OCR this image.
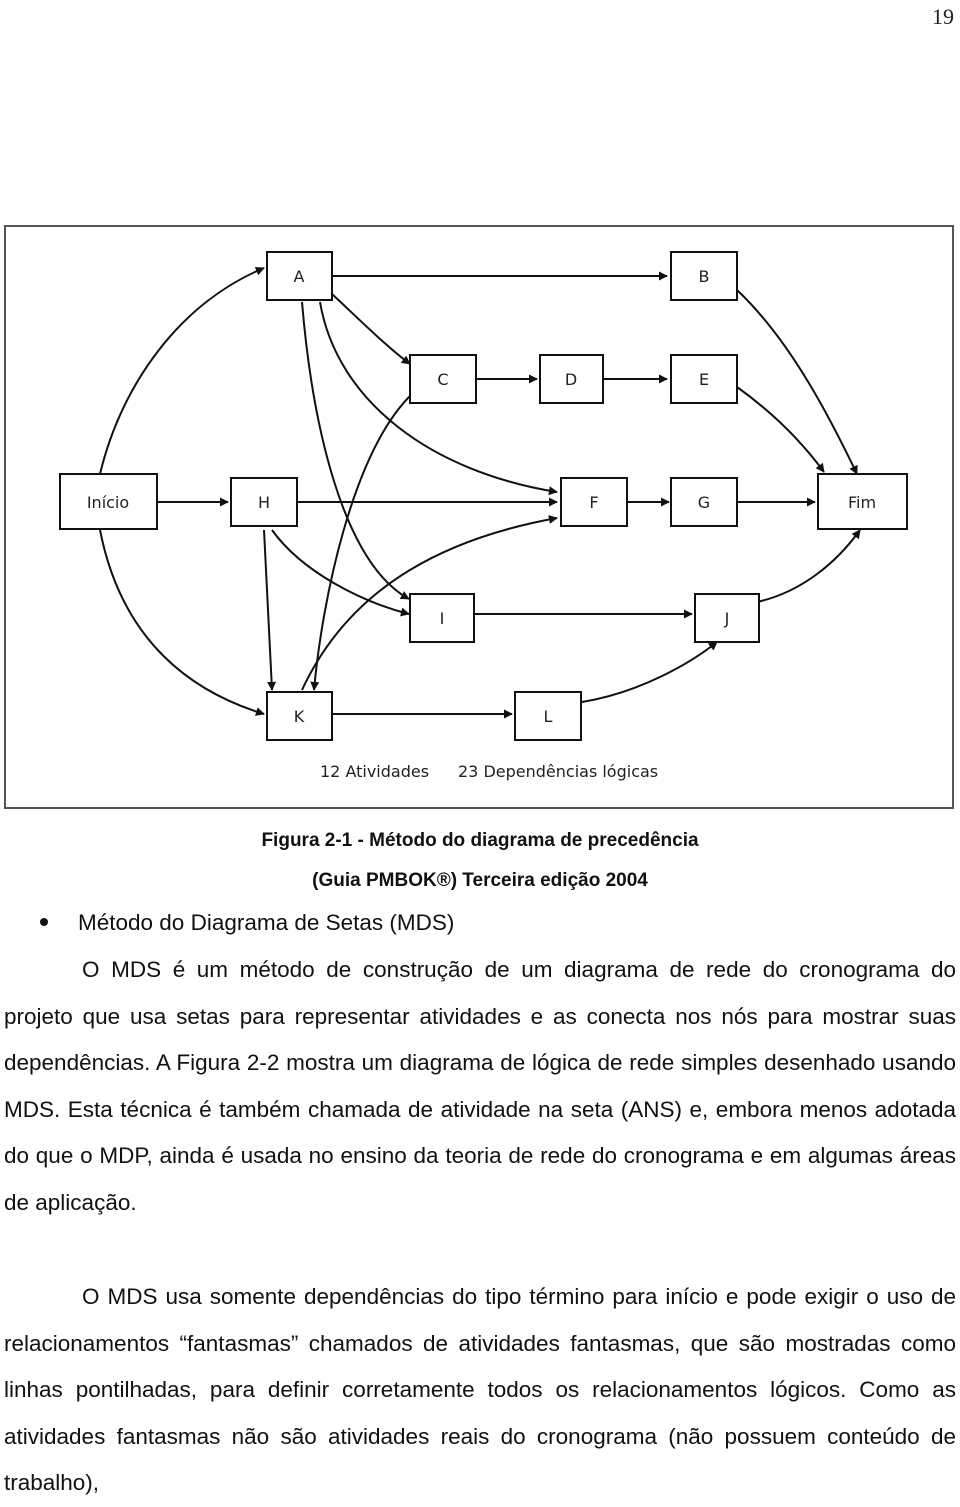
19
A	B
C	D	E
Início	H	F	G	Fim
I	J
K	L
12 Atividades 23 Dependências lógicas
Figura 2-1 - Método do diagrama de precedência
(Guia PMBOK®) Terceira edição 2004
Método do Diagrama de Setas (MDS)

O MDS é um método de construção de um diagrama de rede do cronograma do projeto que usa setas para representar atividades e as conecta nos nós para mostrar suas dependências. A Figura 2-2 mostra um diagrama de lógica de rede simples desenhado usando MDS. Esta técnica é também chamada de atividade na seta (ANS) e, embora menos adotada do que o MDP, ainda é usada no ensino da teoria de rede do cronograma e em algumas áreas de aplicação.

O MDS usa somente dependências do tipo término para início e pode exigir o uso de relacionamentos “fantasmas” chamados de atividades fantasmas, que são mostradas como linhas pontilhadas, para definir corretamente todos os relacionamentos lógicos. Como as atividades fantasmas não são atividades reais do cronograma (não possuem conteúdo de trabalho),
